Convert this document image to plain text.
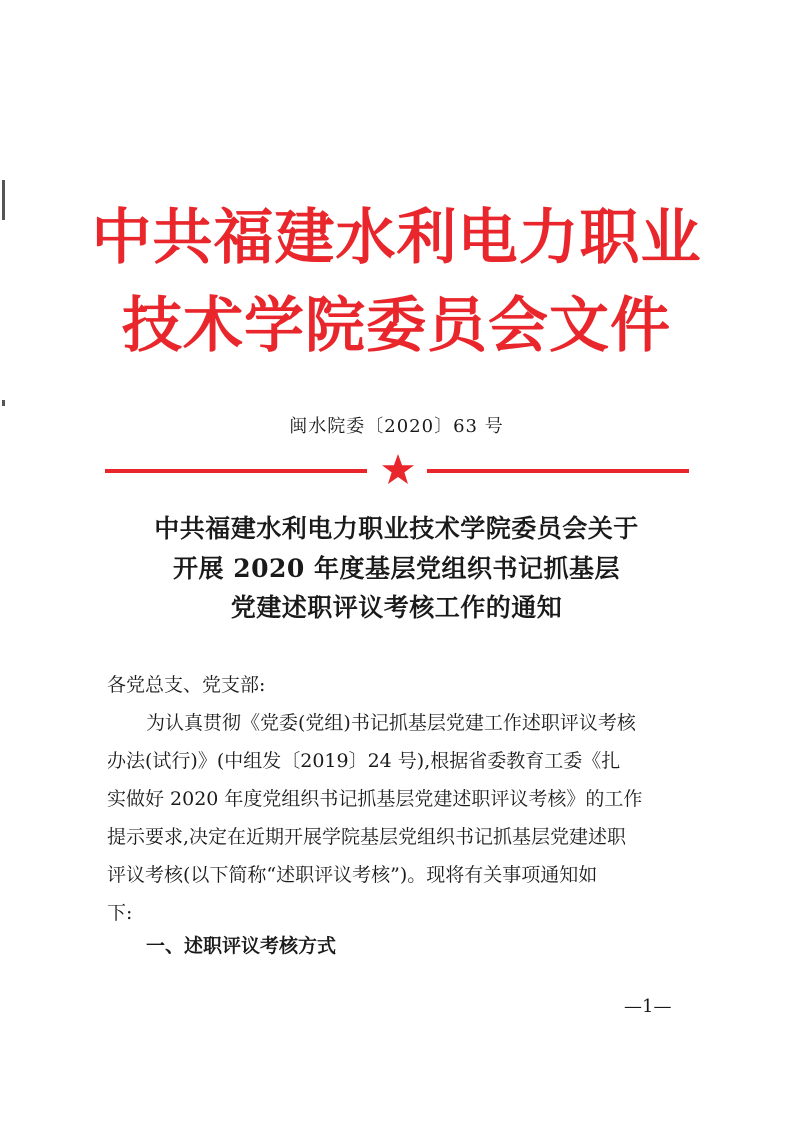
中共福建水利电力职业
技术学院委员会文件
闽水院委〔2020〕63 号
中共福建水利电力职业技术学院委员会关于
开展 2020 年度基层党组织书记抓基层
党建述职评议考核工作的通知
各党总支、党支部:
为认真贯彻《党委(党组)书记抓基层党建工作述职评议考核
办法(试行)》(中组发〔2019〕24 号),根据省委教育工委《扎
实做好 2020 年度党组织书记抓基层党建述职评议考核》的工作
提示要求,决定在近期开展学院基层党组织书记抓基层党建述职
评议考核(以下简称“述职评议考核”)。现将有关事项通知如
下:
一、述职评议考核方式
—1—
